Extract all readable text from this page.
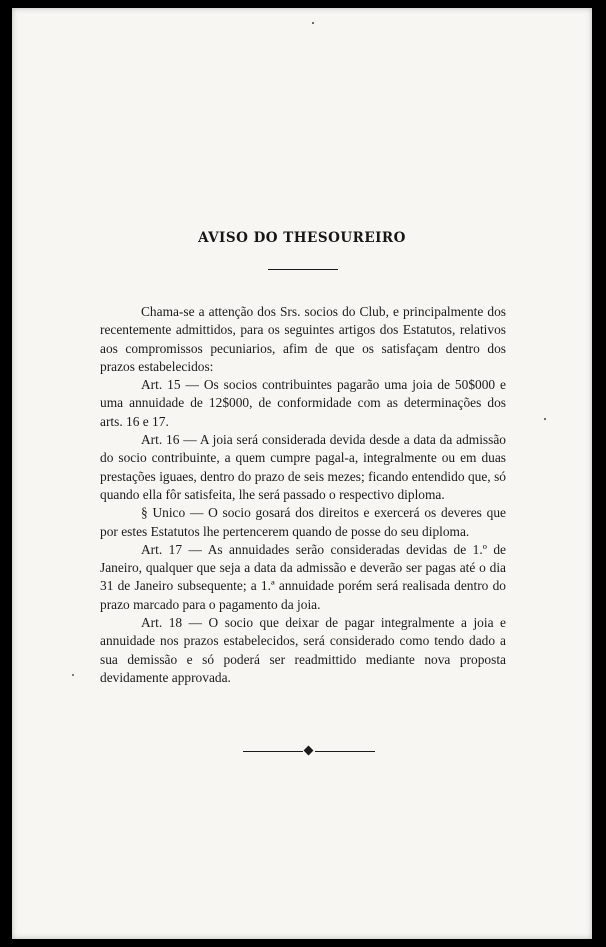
AVISO DO THESOUREIRO

Chama-se a attenção dos Srs. socios do Club, e principalmente dos recentemente admittidos, para os seguintes artigos dos Estatutos, relativos aos compromissos pecuniarios, afim de que os satisfaçam dentro dos prazos estabelecidos:

Art. 15 — Os socios contribuintes pagarão uma joia de 50$000 e uma annuidade de 12$000, de conformidade com as determinações dos arts. 16 e 17.

Art. 16 — A joia será considerada devida desde a data da admissão do socio contribuinte, a quem cumpre pagal-a, integralmente ou em duas prestações iguaes, dentro do prazo de seis mezes; ficando entendido que, só quando ella fôr satisfeita, lhe será passado o respectivo diploma.

§ Unico — O socio gosará dos direitos e exercerá os deveres que por estes Estatutos lhe pertencerem quando de posse do seu diploma.

Art. 17 — As annuidades serão consideradas devidas de 1.º de Janeiro, qualquer que seja a data da admissão e deverão ser pagas até o dia 31 de Janeiro subsequente; a 1.ª annuidade porém será realisada dentro do prazo marcado para o pagamento da joia.

Art. 18 — O socio que deixar de pagar integralmente a joia e annuidade nos prazos estabelecidos, será considerado como tendo dado a sua demissão e só poderá ser readmittido mediante nova proposta devidamente approvada.
